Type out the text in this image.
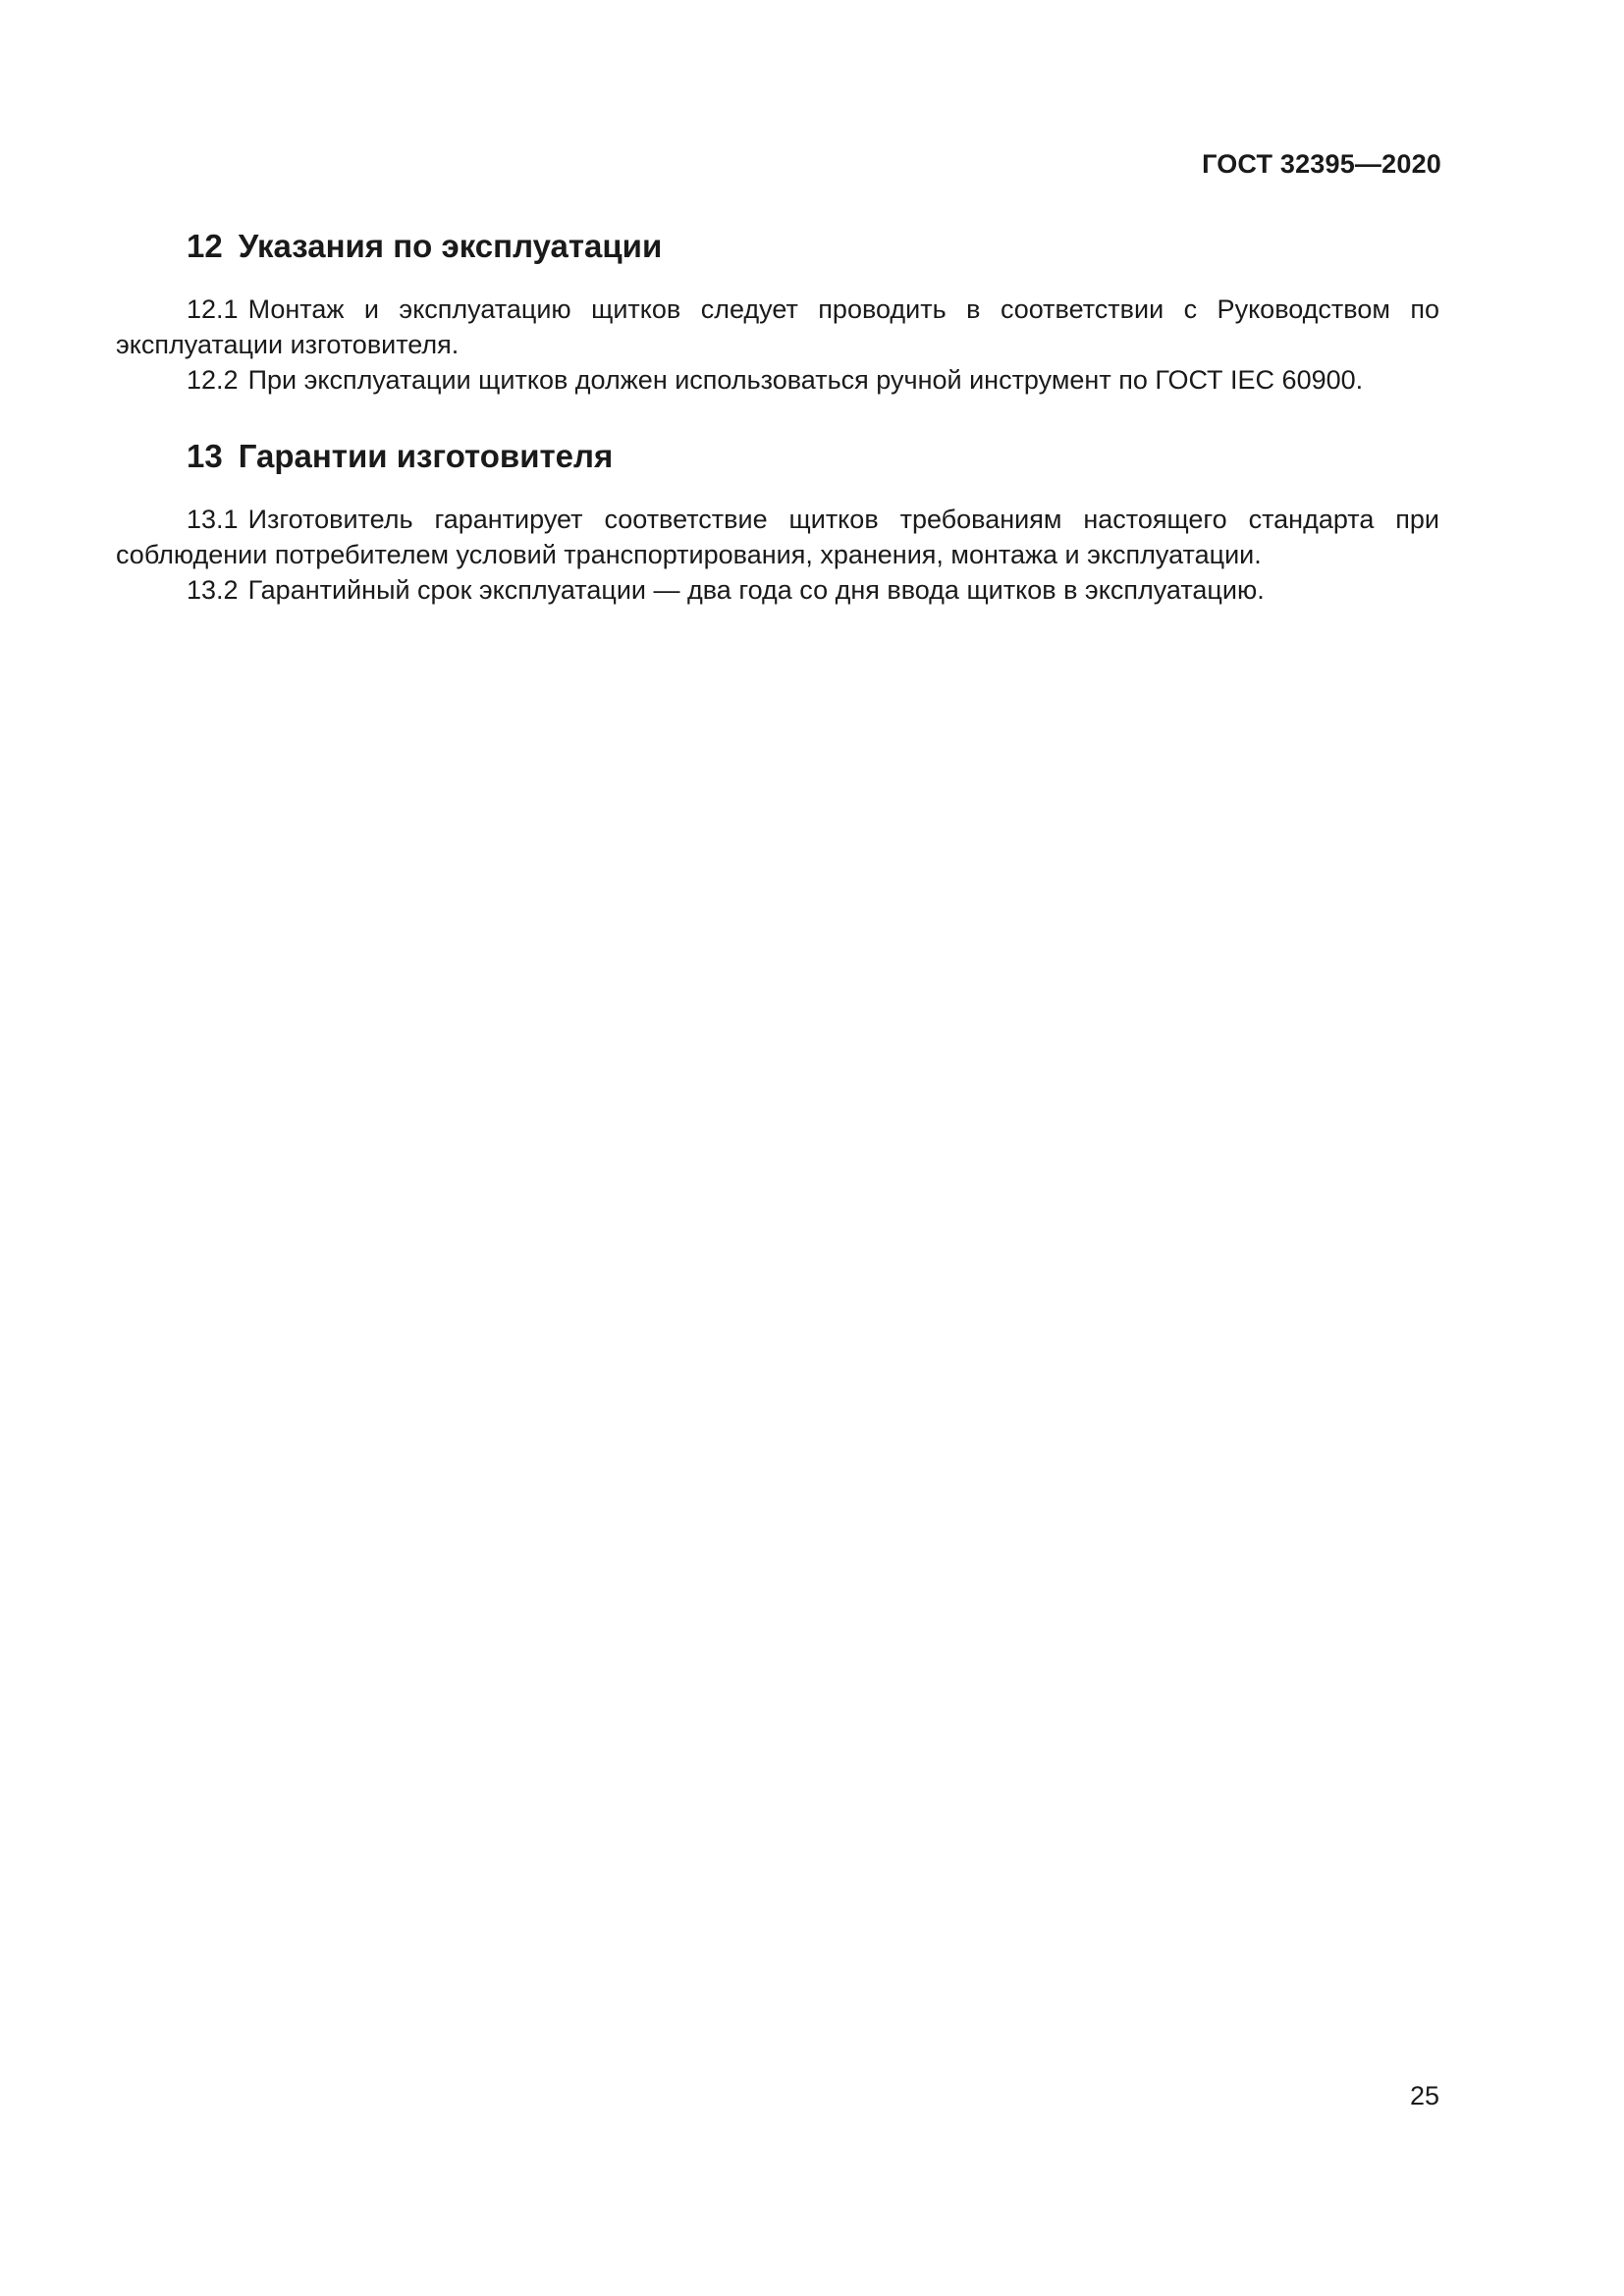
ГОСТ 32395—2020
12 Указания по эксплуатации

12.1 Монтаж и эксплуатацию щитков следует проводить в соответствии с Руководством по эксплуатации изготовителя.

12.2 При эксплуатации щитков должен использоваться ручной инструмент по ГОСТ IEC 60900.

13 Гарантии изготовителя

13.1 Изготовитель гарантирует соответствие щитков требованиям настоящего стандарта при соблюдении потребителем условий транспортирования, хранения, монтажа и эксплуатации.

13.2 Гарантийный срок эксплуатации — два года со дня ввода щитков в эксплуатацию.

25
